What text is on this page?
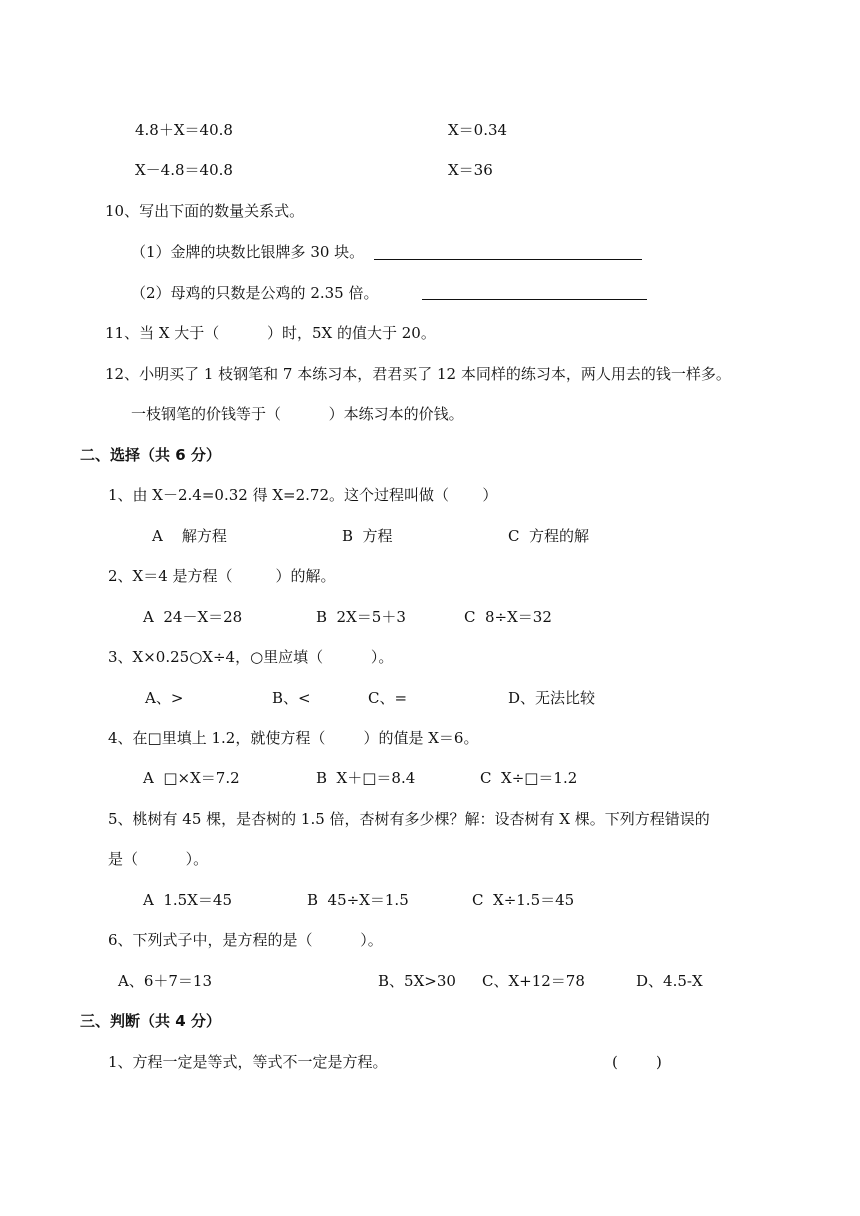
4.8＋X＝40.8	X＝0.34
X－4.8＝40.8	X＝36
10、写出下面的数量关系式。
（1）金牌的块数比银牌多 30 块。
（2）母鸡的只数是公鸡的 2.35 倍。
11、当 X 大于（          ）时，5X 的值大于 20。
12、小明买了 1 枝钢笔和 7 本练习本，君君买了 12 本同样的练习本，两人用去的钱一样多。
一枝钢笔的价钱等于（          ）本练习本的价钱。
二、选择（共 6 分）
1、由 X－2.4=0.32 得 X=2.72。这个过程叫做（       ）
A    解方程	B  方程	C  方程的解
2、X＝4 是方程（         ）的解。
A  24－X＝28	B  2X＝5＋3	C  8÷X＝32
3、X×0.25○X÷4，○里应填（          ）。
A、>	B、<	C、=	D、无法比较
4、在□里填上 1.2，就使方程（        ）的值是 X＝6。
A  □×X＝7.2	B  X＋□＝8.4	C  X÷□＝1.2
5、桃树有 45 棵，是杏树的 1.5 倍，杏树有多少棵？解：设杏树有 X 棵。下列方程错误的
是（          ）。
A  1.5X＝45	B  45÷X＝1.5	C  X÷1.5＝45
6、下列式子中，是方程的是（          ）。
A、6＋7＝13	B、5X>30 C、X+12＝78	D、4.5-X
三、判断（共 4 分）
1、方程一定是等式，等式不一定是方程。	(        )
